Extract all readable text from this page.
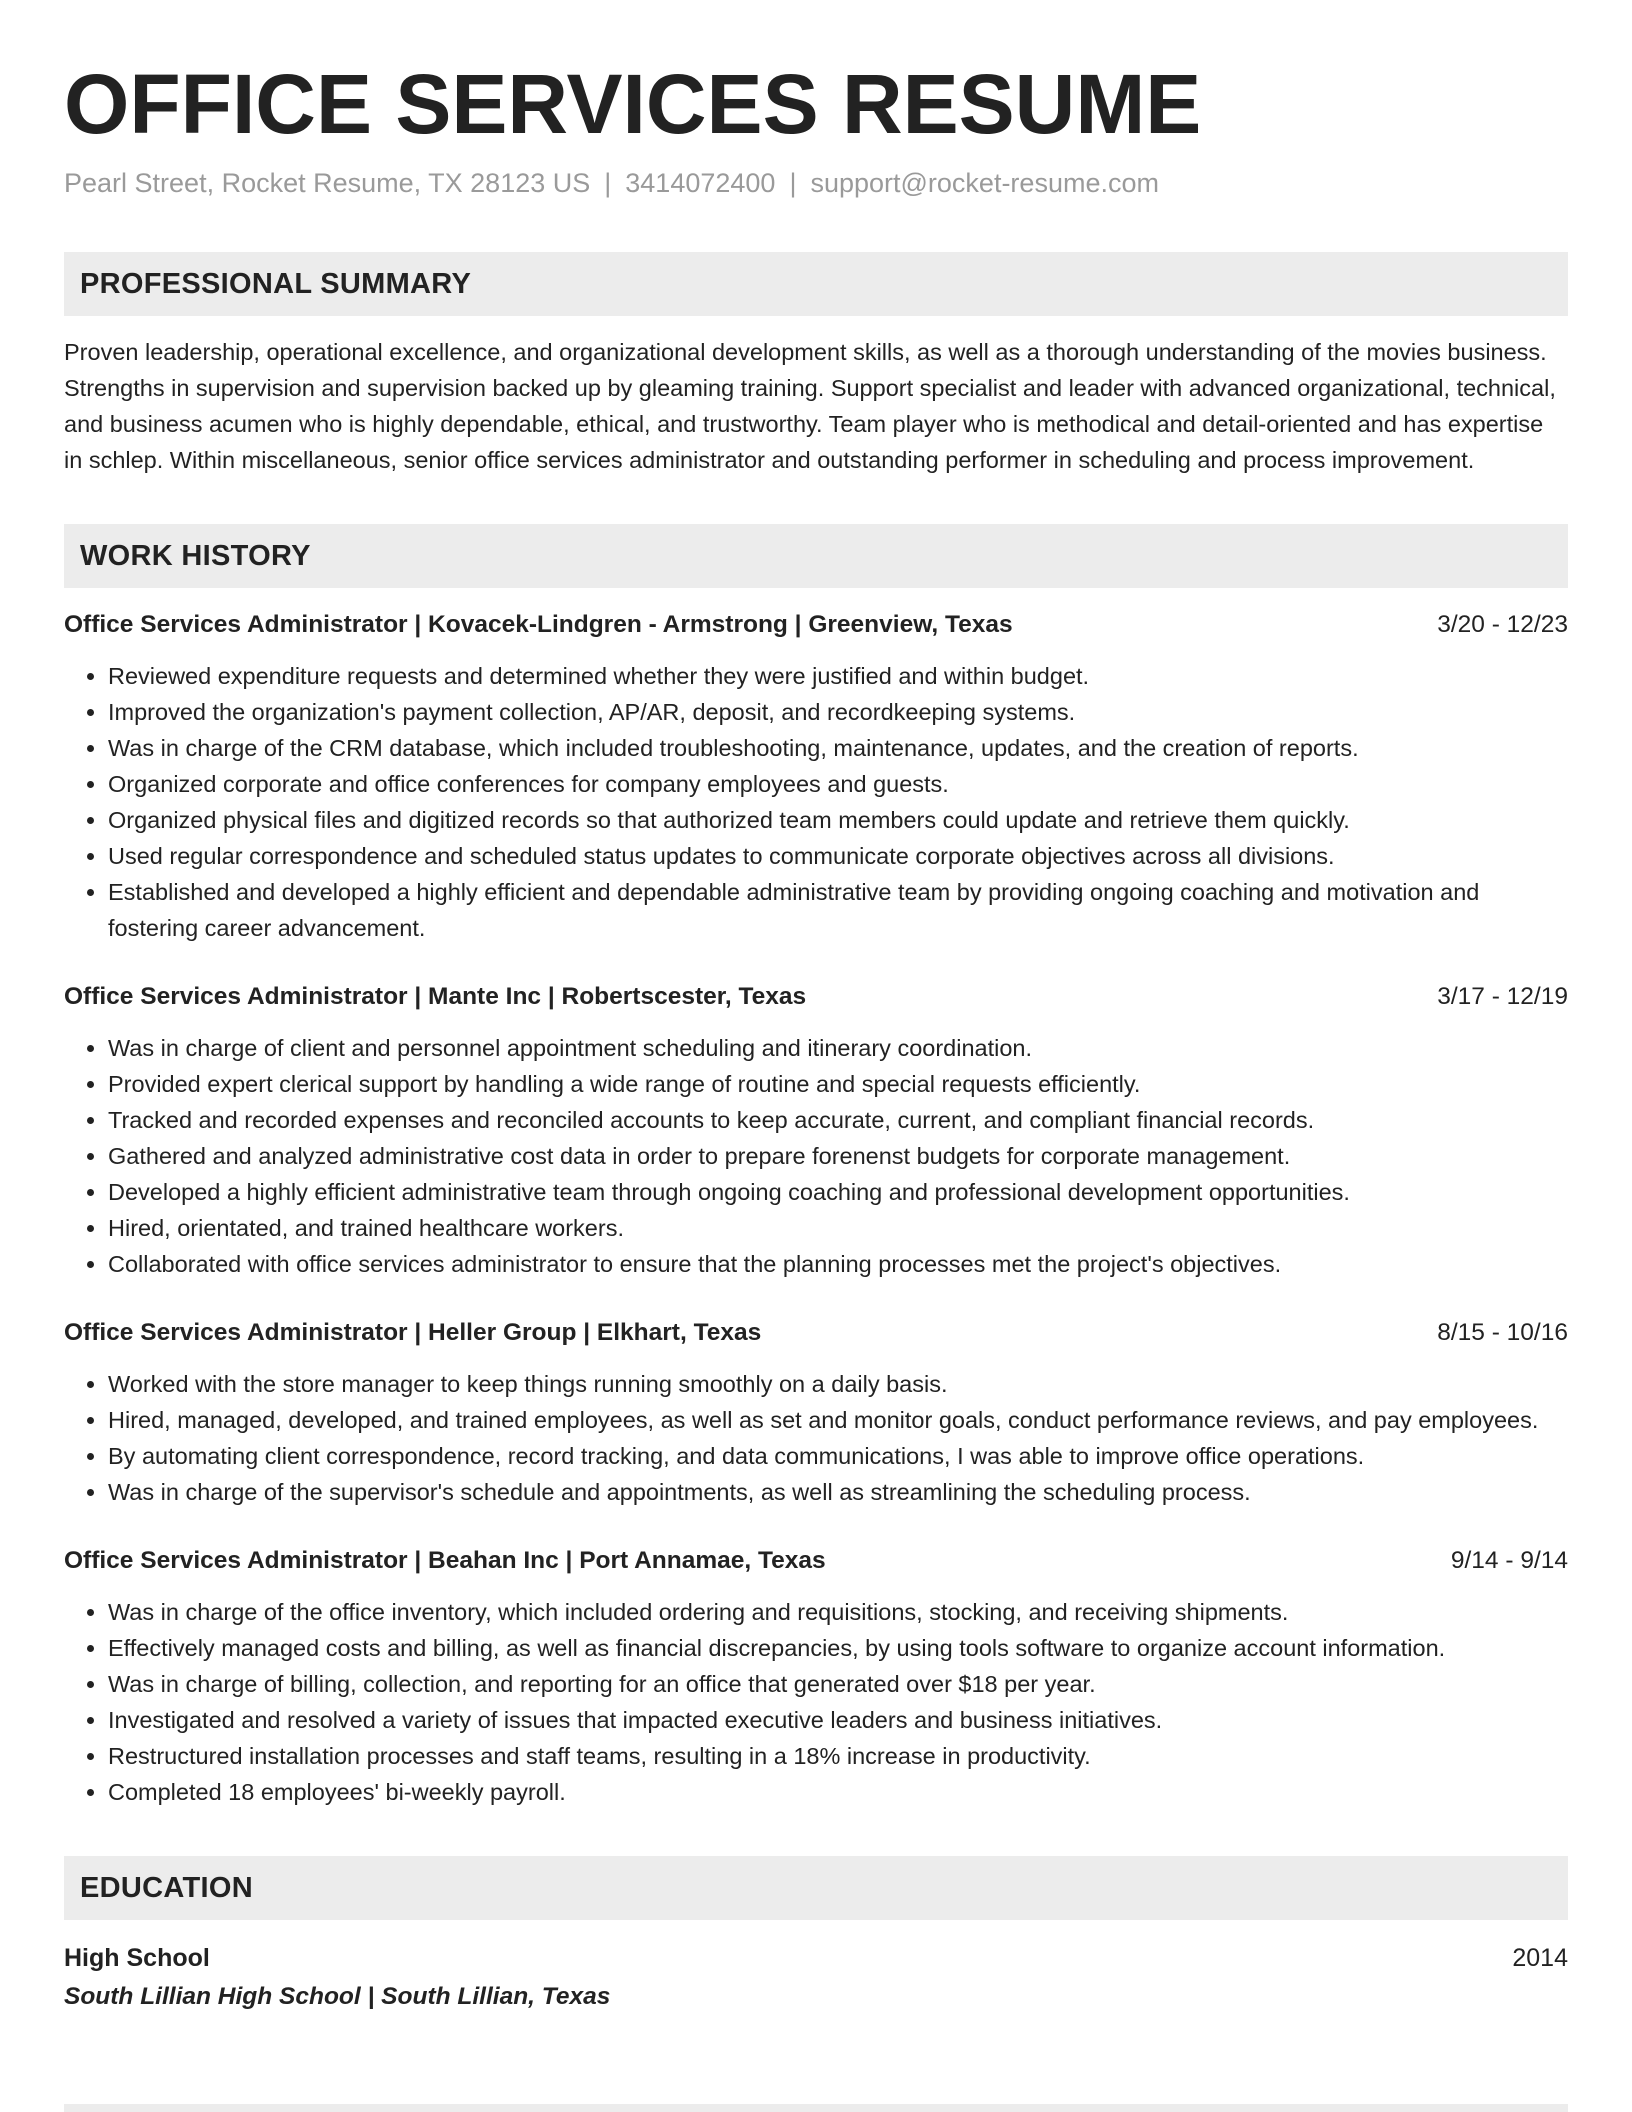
OFFICE SERVICES RESUME
Pearl Street, Rocket Resume, TX 28123 US | 3414072400 | support@rocket-resume.com
PROFESSIONAL SUMMARY
Proven leadership, operational excellence, and organizational development skills, as well as a thorough understanding of the movies business. Strengths in supervision and supervision backed up by gleaming training. Support specialist and leader with advanced organizational, technical, and business acumen who is highly dependable, ethical, and trustworthy. Team player who is methodical and detail-oriented and has expertise in schlep. Within miscellaneous, senior office services administrator and outstanding performer in scheduling and process improvement.
WORK HISTORY
Office Services Administrator | Kovacek-Lindgren - Armstrong | Greenview, Texas	3/20 - 12/23
• Reviewed expenditure requests and determined whether they were justified and within budget.
• Improved the organization's payment collection, AP/AR, deposit, and recordkeeping systems.
• Was in charge of the CRM database, which included troubleshooting, maintenance, updates, and the creation of reports.
• Organized corporate and office conferences for company employees and guests.
• Organized physical files and digitized records so that authorized team members could update and retrieve them quickly.
• Used regular correspondence and scheduled status updates to communicate corporate objectives across all divisions.
• Established and developed a highly efficient and dependable administrative team by providing ongoing coaching and motivation and fostering career advancement.
Office Services Administrator | Mante Inc | Robertscester, Texas	3/17 - 12/19
• Was in charge of client and personnel appointment scheduling and itinerary coordination.
• Provided expert clerical support by handling a wide range of routine and special requests efficiently.
• Tracked and recorded expenses and reconciled accounts to keep accurate, current, and compliant financial records.
• Gathered and analyzed administrative cost data in order to prepare forenenst budgets for corporate management.
• Developed a highly efficient administrative team through ongoing coaching and professional development opportunities.
• Hired, orientated, and trained healthcare workers.
• Collaborated with office services administrator to ensure that the planning processes met the project's objectives.
Office Services Administrator | Heller Group | Elkhart, Texas	8/15 - 10/16
• Worked with the store manager to keep things running smoothly on a daily basis.
• Hired, managed, developed, and trained employees, as well as set and monitor goals, conduct performance reviews, and pay employees.
• By automating client correspondence, record tracking, and data communications, I was able to improve office operations.
• Was in charge of the supervisor's schedule and appointments, as well as streamlining the scheduling process.
Office Services Administrator | Beahan Inc | Port Annamae, Texas	9/14 - 9/14
• Was in charge of the office inventory, which included ordering and requisitions, stocking, and receiving shipments.
• Effectively managed costs and billing, as well as financial discrepancies, by using tools software to organize account information.
• Was in charge of billing, collection, and reporting for an office that generated over $18 per year.
• Investigated and resolved a variety of issues that impacted executive leaders and business initiatives.
• Restructured installation processes and staff teams, resulting in a 18% increase in productivity.
• Completed 18 employees' bi-weekly payroll.
EDUCATION
High School	2014
South Lillian High School | South Lillian, Texas
